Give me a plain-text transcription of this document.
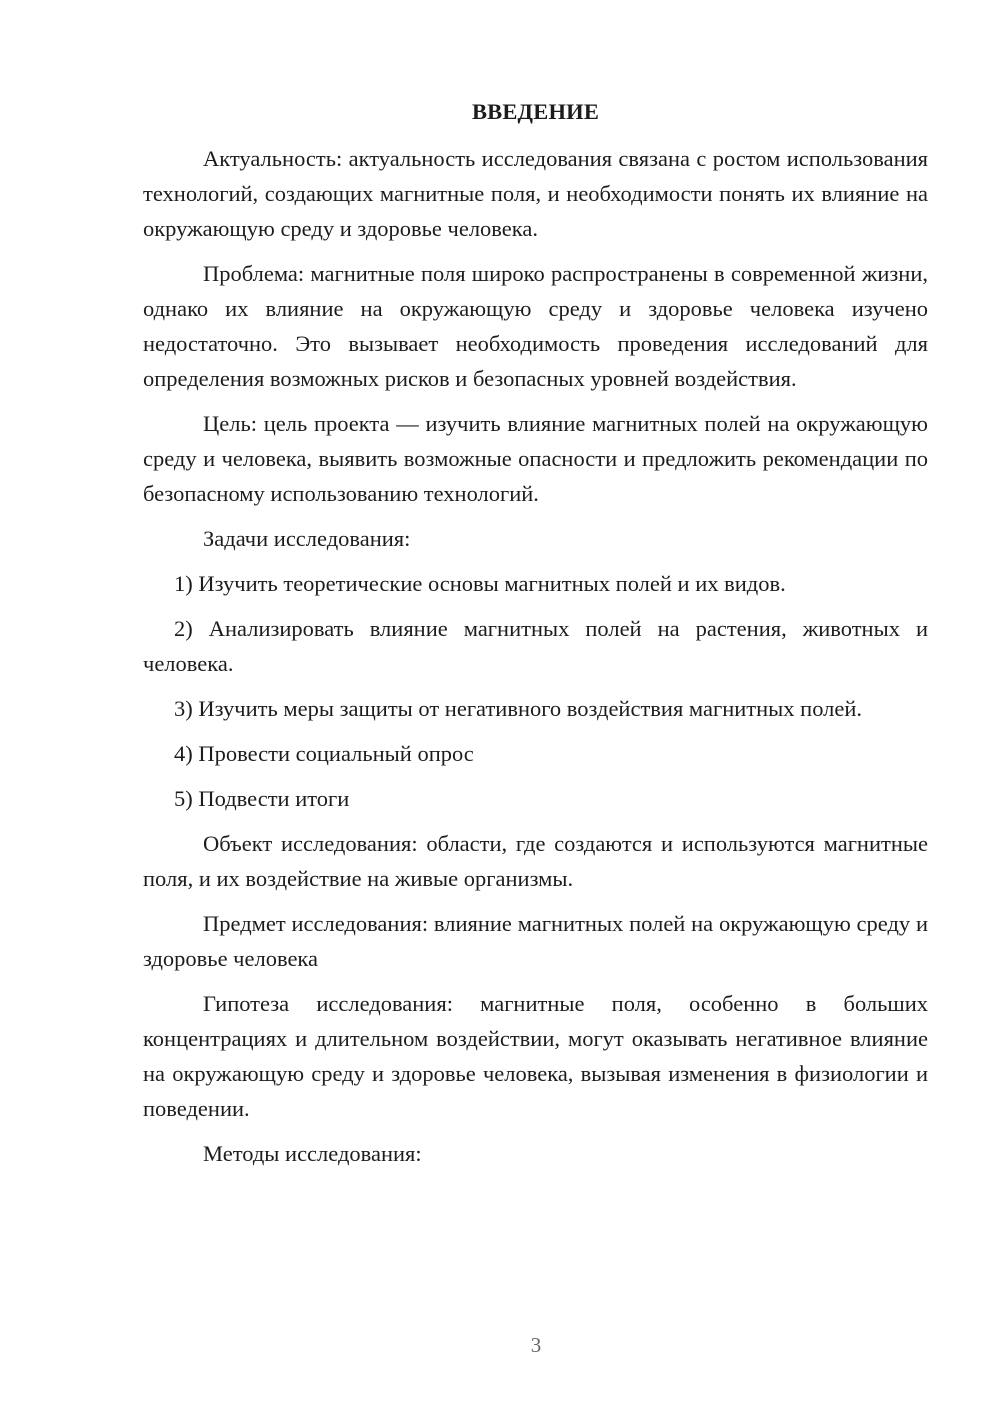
ВВЕДЕНИЕ

Актуальность: актуальность исследования связана с ростом использования технологий, создающих магнитные поля, и необходимости понять их влияние на окружающую среду и здоровье человека.

Проблема: магнитные поля широко распространены в современной жизни, однако их влияние на окружающую среду и здоровье человека изучено недостаточно. Это вызывает необходимость проведения исследований для определения возможных рисков и безопасных уровней воздействия.

Цель: цель проекта — изучить влияние магнитных полей на окружающую среду и человека, выявить возможные опасности и предложить рекомендации по безопасному использованию технологий.

Задачи исследования:

1) Изучить теоретические основы магнитных полей и их видов.

2) Анализировать влияние магнитных полей на растения, животных и человека.

3) Изучить меры защиты от негативного воздействия магнитных полей.

4) Провести социальный опрос

5) Подвести итоги

Объект исследования: области, где создаются и используются магнитные поля, и их воздействие на живые организмы.

Предмет исследования: влияние магнитных полей на окружающую среду и здоровье человека

Гипотеза исследования: магнитные поля, особенно в больших концентрациях и длительном воздействии, могут оказывать негативное влияние на окружающую среду и здоровье человека, вызывая изменения в физиологии и поведении.

Методы исследования:

3
